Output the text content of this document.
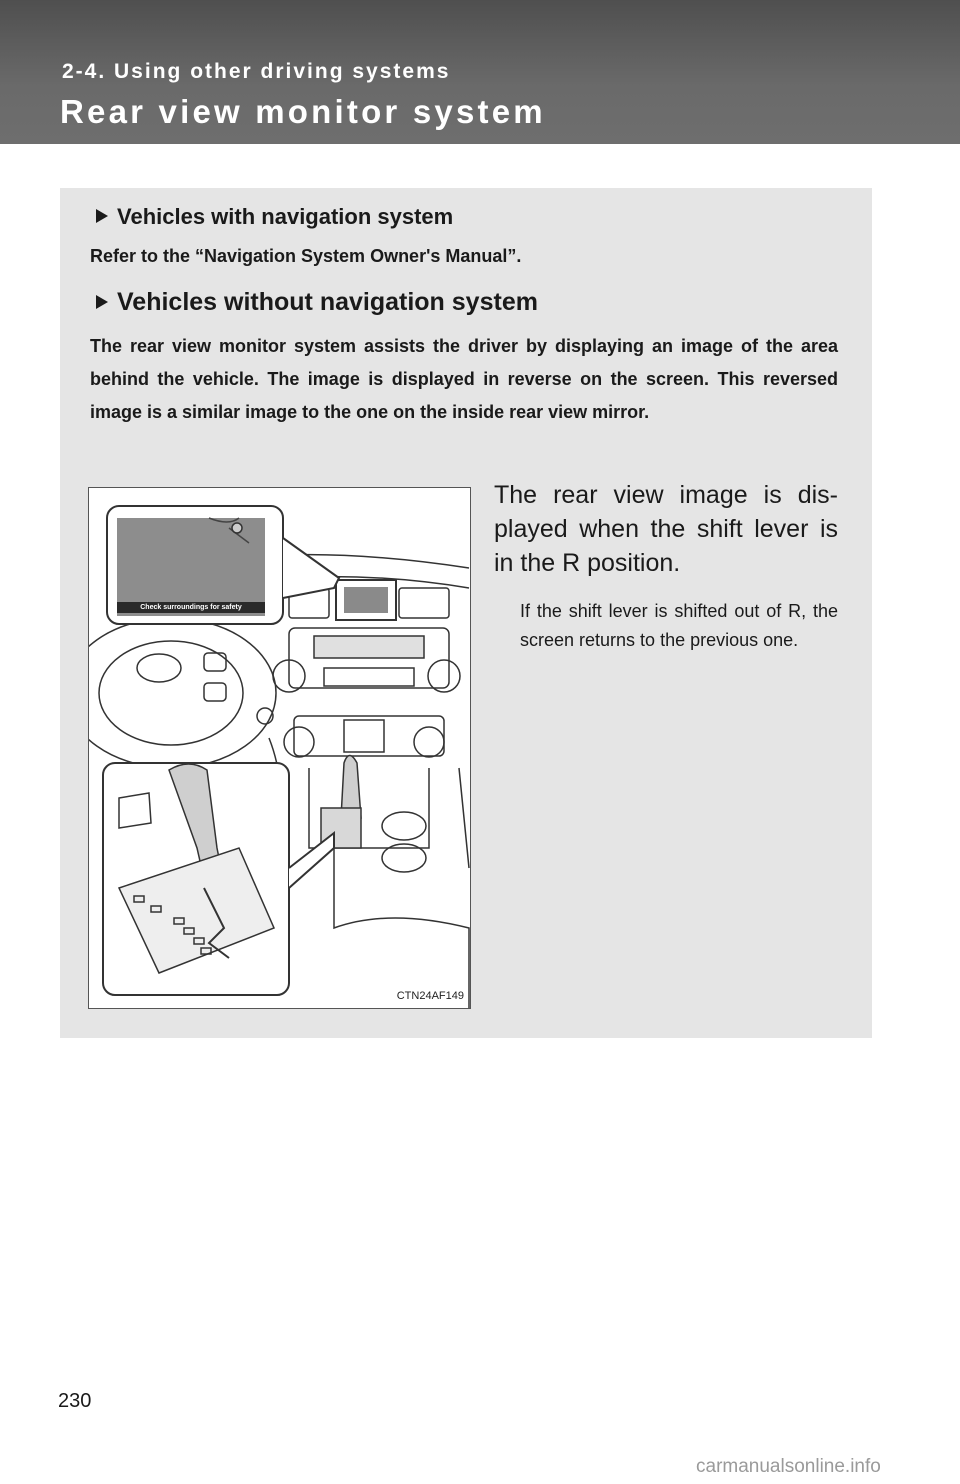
2-4. Using other driving systems
Rear view monitor system
Vehicles with navigation system
Refer to the “Navigation System Owner's Manual”.
Vehicles without navigation system
The rear view monitor system assists the driver by displaying an image of the area behind the vehicle. The image is displayed in reverse on the screen. This reversed image is a similar image to the one on the inside rear view mirror.
Check surroundings for safety
CTN24AF149
The rear view image is dis-played when the shift lever is in the R position.
If the shift lever is shifted out of R, the screen returns to the previous one.
230
carmanualsonline.info
